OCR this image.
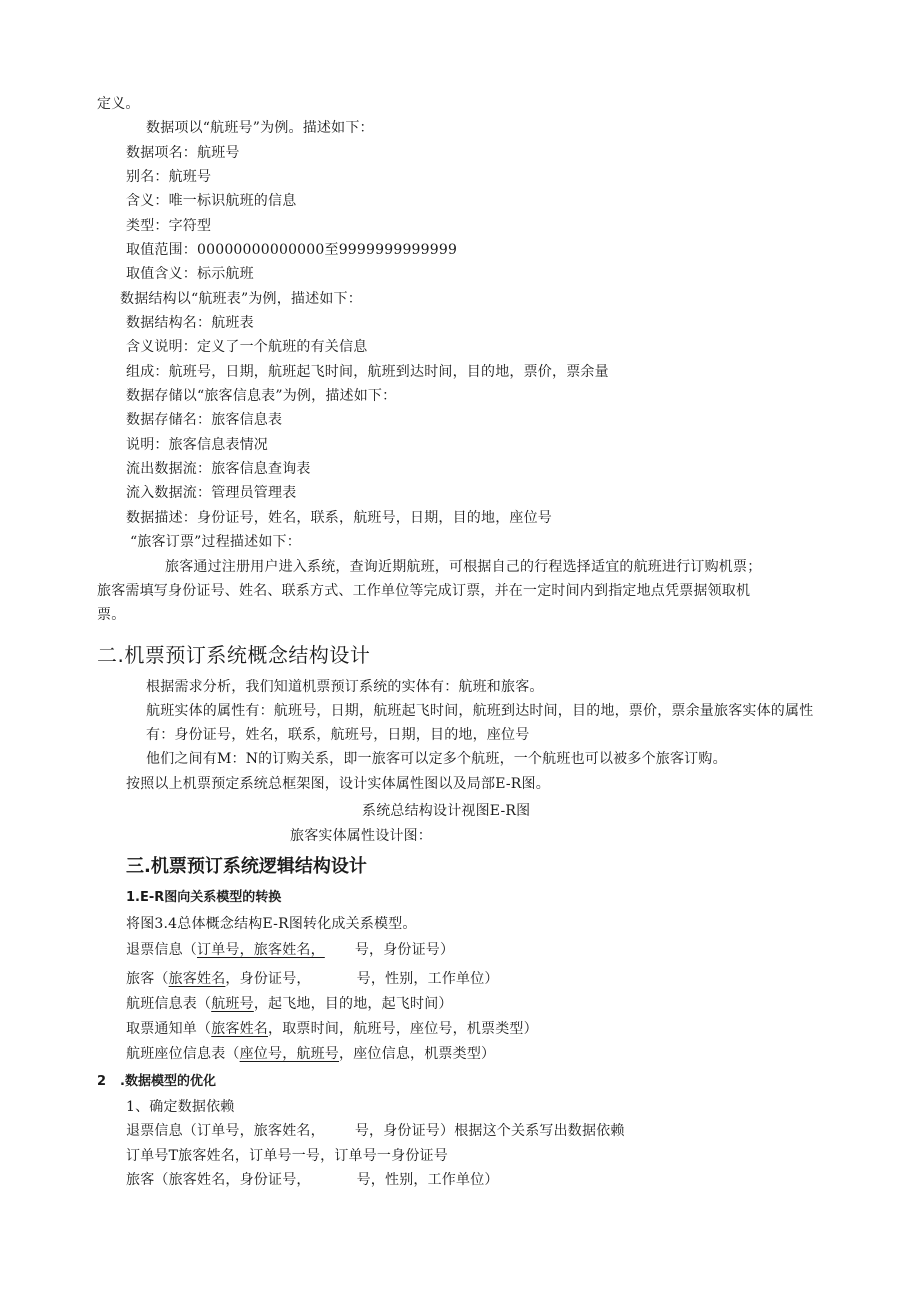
定义。
数据项以“航班号”为例。描述如下：
数据项名：航班号
别名：航班号
含义：唯一标识航班的信息
类型：字符型
取值范围：00000000000000至9999999999999
取值含义：标示航班
数据结构以“航班表”为例，描述如下：
数据结构名：航班表
含义说明：定义了一个航班的有关信息
组成：航班号，日期，航班起飞时间，航班到达时间，目的地，票价，票余量
数据存储以“旅客信息表”为例，描述如下：
数据存储名：旅客信息表
说明：旅客信息表情况
流出数据流：旅客信息查询表
流入数据流：管理员管理表
数据描述：身份证号，姓名，联系，航班号，日期，目的地，座位号
“旅客订票”过程描述如下：
旅客通过注册用户进入系统，查询近期航班，可根据自己的行程选择适宜的航班进行订购机票；
旅客需填写身份证号、姓名、联系方式、工作单位等完成订票，并在一定时间内到指定地点凭票据领取机
票。
二.机票预订系统概念结构设计
根据需求分析，我们知道机票预订系统的实体有：航班和旅客。
航班实体的属性有：航班号，日期，航班起飞时间，航班到达时间，目的地，票价，票余量旅客实体的属性
有：身份证号，姓名，联系，航班号，日期，目的地，座位号
他们之间有M：N的订购关系，即一旅客可以定多个航班，一个航班也可以被多个旅客订购。
按照以上机票预定系统总框架图，设计实体属性图以及局部E-R图。
系统总结构设计视图E-R图
旅客实体属性设计图：
三.机票预订系统逻辑结构设计
1.E-R图向关系模型的转换
将图3.4总体概念结构E-R图转化成关系模型。
退票信息（订单号，旅客姓名， 号，身份证号）
旅客（旅客姓名，身份证号，	号，性别，工作单位）
航班信息表（航班号，起飞地，目的地，起飞时间）
取票通知单（旅客姓名，取票时间，航班号，座位号，机票类型）
航班座位信息表（座位号，航班号，座位信息，机票类型）
2 .数据模型的优化
1、确定数据依赖
退票信息（订单号，旅客姓名， 号，身份证号）根据这个关系写出数据依赖
订单号T旅客姓名，订单号一号，订单号一身份证号
旅客（旅客姓名，身份证号，	号，性别，工作单位）
